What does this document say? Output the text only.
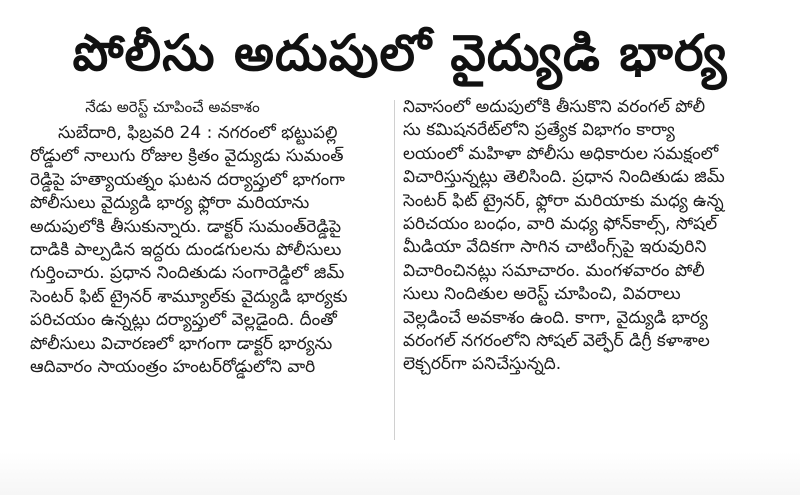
పోలీసు అదుపులో వైద్యుడి భార్య
నేడు అరెస్ట్‌ చూపించే అవకాశం
సుబేదారి, ఫిబ్రవరి 24 : నగరంలో భట్టుపల్లి
రోడ్డులో నాలుగు రోజుల క్రితం వైద్యుడు సుమంత్‌
రెడ్డిపై హత్యాయత్నం ఘటన దర్యాప్తులో భాగంగా
పోలీసులు వైద్యుడి భార్య ఫ్లోరా మరియాను
అదుపులోకి తీసుకున్నారు. డాక్టర్‌ సుమంత్‌రెడ్డిపై
దాడికి పాల్పడిన ఇద్దరు దుండగులను పోలీసులు
గుర్తించారు. ప్రధాన నిందితుడు సంగారెడ్డిలో జిమ్‌
సెంటర్‌ ఫిట్‌ ట్రైనర్‌ శామ్యూల్‌కు వైద్యుడి భార్యకు
పరిచయం ఉన్నట్లు దర్యాప్తులో వెల్లడైంది. దీంతో
పోలీసులు విచారణలో భాగంగా డాక్టర్‌ భార్యను
ఆదివారం సాయంత్రం హంటర్‌రోడ్డులోని వారి
నివాసంలో అదుపులోకి తీసుకొని వరంగల్‌ పోలీ
సు కమిషనరేట్‌లోని ప్రత్యేక విభాగం కార్యా
లయంలో మహిళా పోలీసు అధికారుల సమక్షంలో
విచారిస్తున్నట్లు తెలిసింది. ప్రధాన నిందితుడు జిమ్‌
సెంటర్‌ ఫిట్‌ ట్రైనర్‌, ఫ్లోరా మరియాకు మధ్య ఉన్న
పరిచయం బంధం, వారి మధ్య ఫోన్‌కాల్స్‌, సోషల్‌
మీడియా వేదికగా సాగిన చాటింగ్స్‌పై ఇరువురిని
విచారించినట్లు సమాచారం. మంగళవారం పోలీ
సులు నిందితుల అరెస్ట్‌ చూపించి, వివరాలు
వెల్లడించే అవకాశం ఉంది. కాగా, వైద్యుడి భార్య
వరంగల్‌ నగరంలోని సోషల్‌ వెల్ఫేర్‌ డిగ్రీ కళాశాల
లెక్చరర్‌గా పనిచేస్తున్నది.
